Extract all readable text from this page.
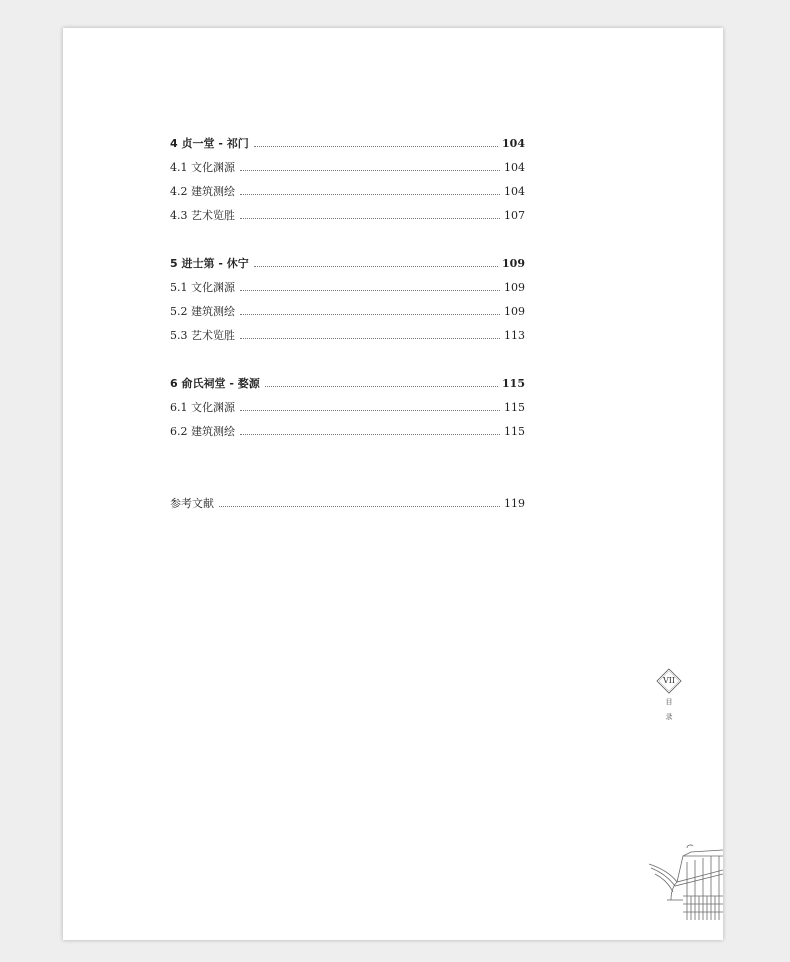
4 贞一堂 - 祁门	104
4.1 文化渊源	104
4.2 建筑测绘	104
4.3 艺术览胜	107
5 进士第 - 休宁	109
5.1 文化渊源	109
5.2 建筑测绘	109
5.3 艺术览胜	113
6 俞氏祠堂 - 婺源	115
6.1 文化渊源	115
6.2 建筑测绘	115
参考文献	119
VII
目
录
